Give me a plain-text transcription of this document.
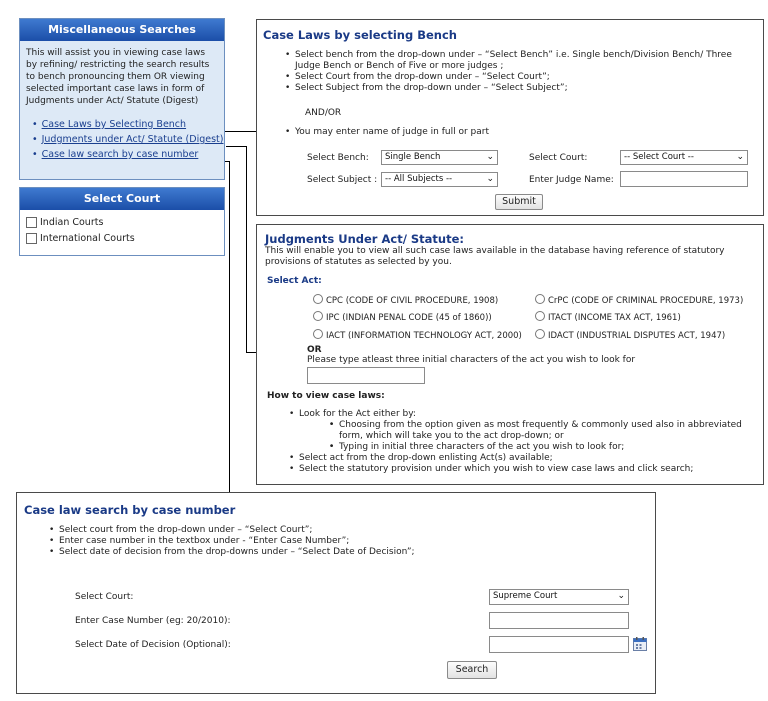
Miscellaneous Searches
This will assist you in viewing case laws by refining/ restricting the search results to bench pronouncing them OR viewing selected important case laws in form of Judgments under Act/ Statute (Digest)
• Case Laws by Selecting Bench
• Judgments under Act/ Statute (Digest)
• Case law search by case number
Select Court
Indian Courts
International Courts
Case Laws by selecting Bench
• Select bench from the drop-down under – “Select Bench” i.e. Single bench/Division Bench/ Three Judge Bench or Bench of Five or more judges ;
• Select Court from the drop-down under – “Select Court”;
• Select Subject from the drop-down under – “Select Subject”;
AND/OR
• You may enter name of judge in full or part
Select Bench:	Single Bench	⌄	Select Court:	-- Select Court --	⌄
Select Subject : -- All Subjects --	⌄	Enter Judge Name:
Submit
Judgments Under Act/ Statute:
This will enable you to view all such case laws available in the database having reference of statutory provisions of statutes as selected by you.
Select Act:
CPC (CODE OF CIVIL PROCEDURE, 1908)	CrPC (CODE OF CRIMINAL PROCEDURE, 1973)
IPC (INDIAN PENAL CODE (45 of 1860))	ITACT (INCOME TAX ACT, 1961)
IACT (INFORMATION TECHNOLOGY ACT, 2000)	IDACT (INDUSTRIAL DISPUTES ACT, 1947)
OR
Please type atleast three initial characters of the act you wish to look for
How to view case laws:
• Look for the Act either by:
• ◦ Choosing from the option given as most frequently & commonly used also in abbreviated form, which will take you to the act drop-down; or
• ◦ Typing in initial three characters of the act you wish to look for;
• Select act from the drop-down enlisting Act(s) available;
• Select the statutory provision under which you wish to view case laws and click search;
Case law search by case number
• Select court from the drop-down under – “Select Court”;
• Enter case number in the textbox under - “Enter Case Number”;
• Select date of decision from the drop-downs under – “Select Date of Decision”;
Select Court:	Supreme Court	⌄
Enter Case Number (eg: 20/2010):
Select Date of Decision (Optional):
Search
